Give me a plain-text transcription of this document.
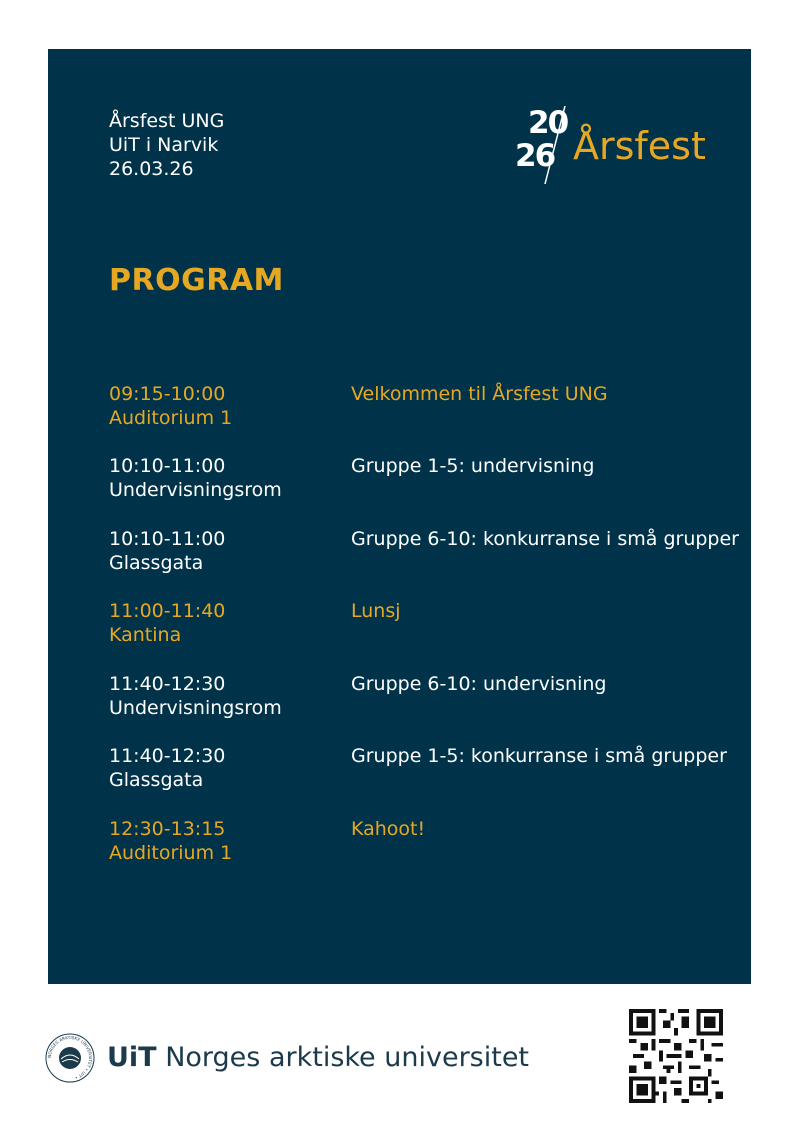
Årsfest UNG
UiT i Narvik
26.03.26
20
26 Årsfest
PROGRAM
09:15-10:00
Auditorium 1
Velkommen til Årsfest UNG
10:10-11:00
Undervisningsrom
Gruppe 1-5: undervisning
10:10-11:00
Glassgata
Gruppe 6-10: konkurranse i små grupper
11:00-11:40
Kantina
Lunsj
11:40-12:30
Undervisningsrom
Gruppe 6-10: undervisning
11:40-12:30
Glassgata
Gruppe 1-5: konkurranse i små grupper
12:30-13:15
Auditorium 1
Kahoot!
NORGES ARKTISKE UNIVERSITET • UIT •
UiT Norges arktiske universitet
